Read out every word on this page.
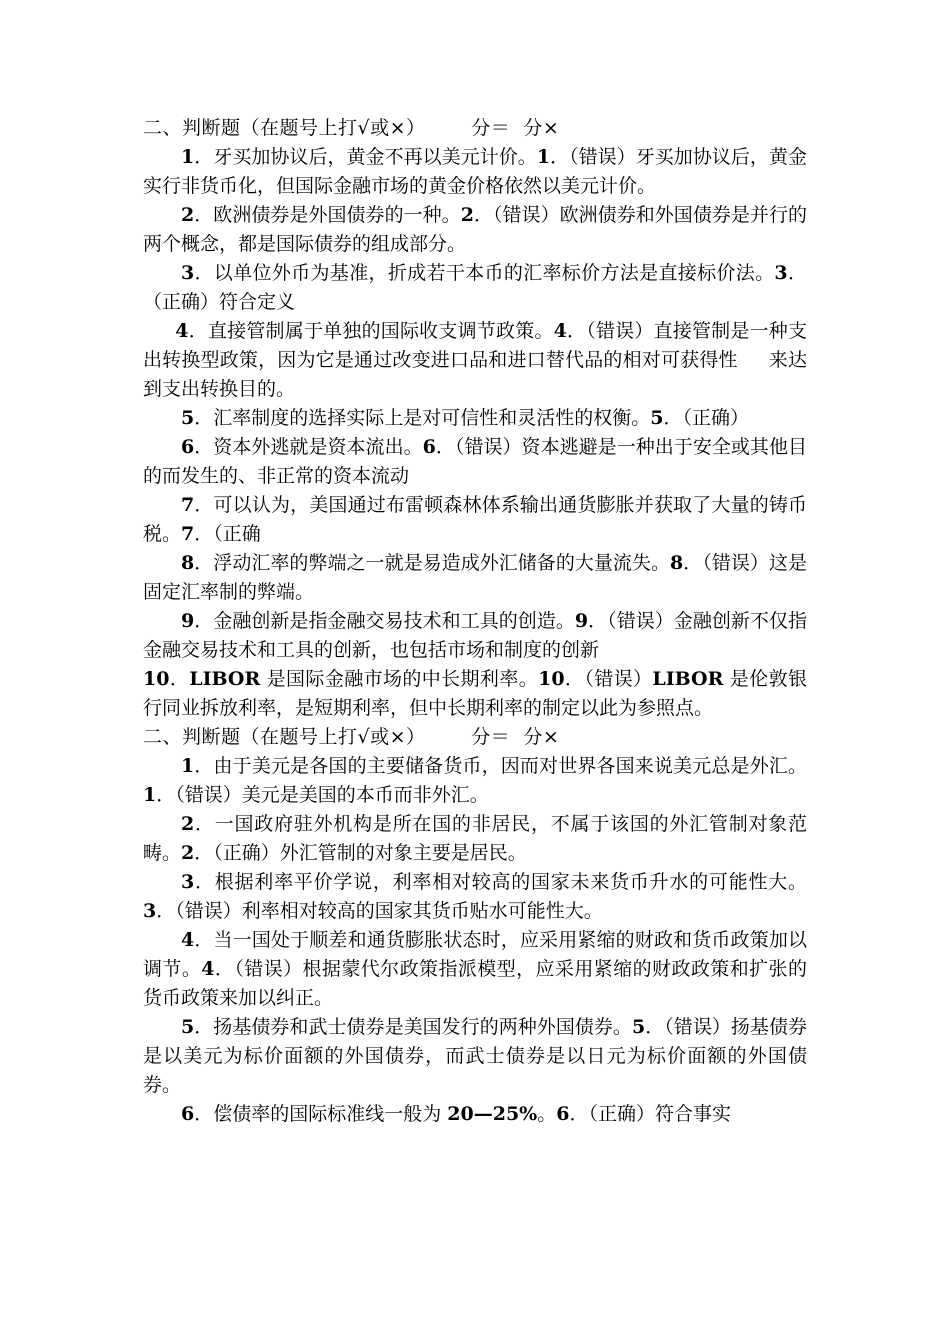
二、判断题（在题号上打√或×）       分＝  分×

1．牙买加协议后，黄金不再以美元计价。1．（错误）牙买加协议后，黄金实行非货币化，但国际金融市场的黄金价格依然以美元计价。

2．欧洲债券是外国债券的一种。2．（错误）欧洲债券和外国债券是并行的两个概念，都是国际债券的组成部分。

3．以单位外币为基准，折成若干本币的汇率标价方法是直接标价法。3．（正确）符合定义

4．直接管制属于单独的国际收支调节政策。4．（错误）直接管制是一种支出转换型政策，因为它是通过改变进口品和进口替代品的相对可获得性     来达到支出转换目的。

5．汇率制度的选择实际上是对可信性和灵活性的权衡。5．（正确）

6．资本外逃就是资本流出。6．（错误）资本逃避是一种出于安全或其他目的而发生的、非正常的资本流动

7．可以认为，美国通过布雷顿森林体系输出通货膨胀并获取了大量的铸币税。7．（正确

8．浮动汇率的弊端之一就是易造成外汇储备的大量流失。8．（错误）这是固定汇率制的弊端。

9．金融创新是指金融交易技术和工具的创造。9．（错误）金融创新不仅指金融交易技术和工具的创新，也包括市场和制度的创新

10．LIBOR 是国际金融市场的中长期利率。10．（错误）LIBOR 是伦敦银行同业拆放利率，是短期利率，但中长期利率的制定以此为参照点。

二、判断题（在题号上打√或×）       分＝  分×

1．由于美元是各国的主要储备货币，因而对世界各国来说美元总是外汇。1．（错误）美元是美国的本币而非外汇。

2．一国政府驻外机构是所在国的非居民，不属于该国的外汇管制对象范畴。2．（正确）外汇管制的对象主要是居民。

3．根据利率平价学说，利率相对较高的国家未来货币升水的可能性大。3．（错误）利率相对较高的国家其货币贴水可能性大。

4．当一国处于顺差和通货膨胀状态时，应采用紧缩的财政和货币政策加以调节。4．（错误）根据蒙代尔政策指派模型，应采用紧缩的财政政策和扩张的货币政策来加以纠正。

5．扬基债券和武士债券是美国发行的两种外国债券。5．（错误）扬基债券是以美元为标价面额的外国债券，而武士债券是以日元为标价面额的外国债券。

6．偿债率的国际标准线一般为 20—25%。6．（正确）符合事实
